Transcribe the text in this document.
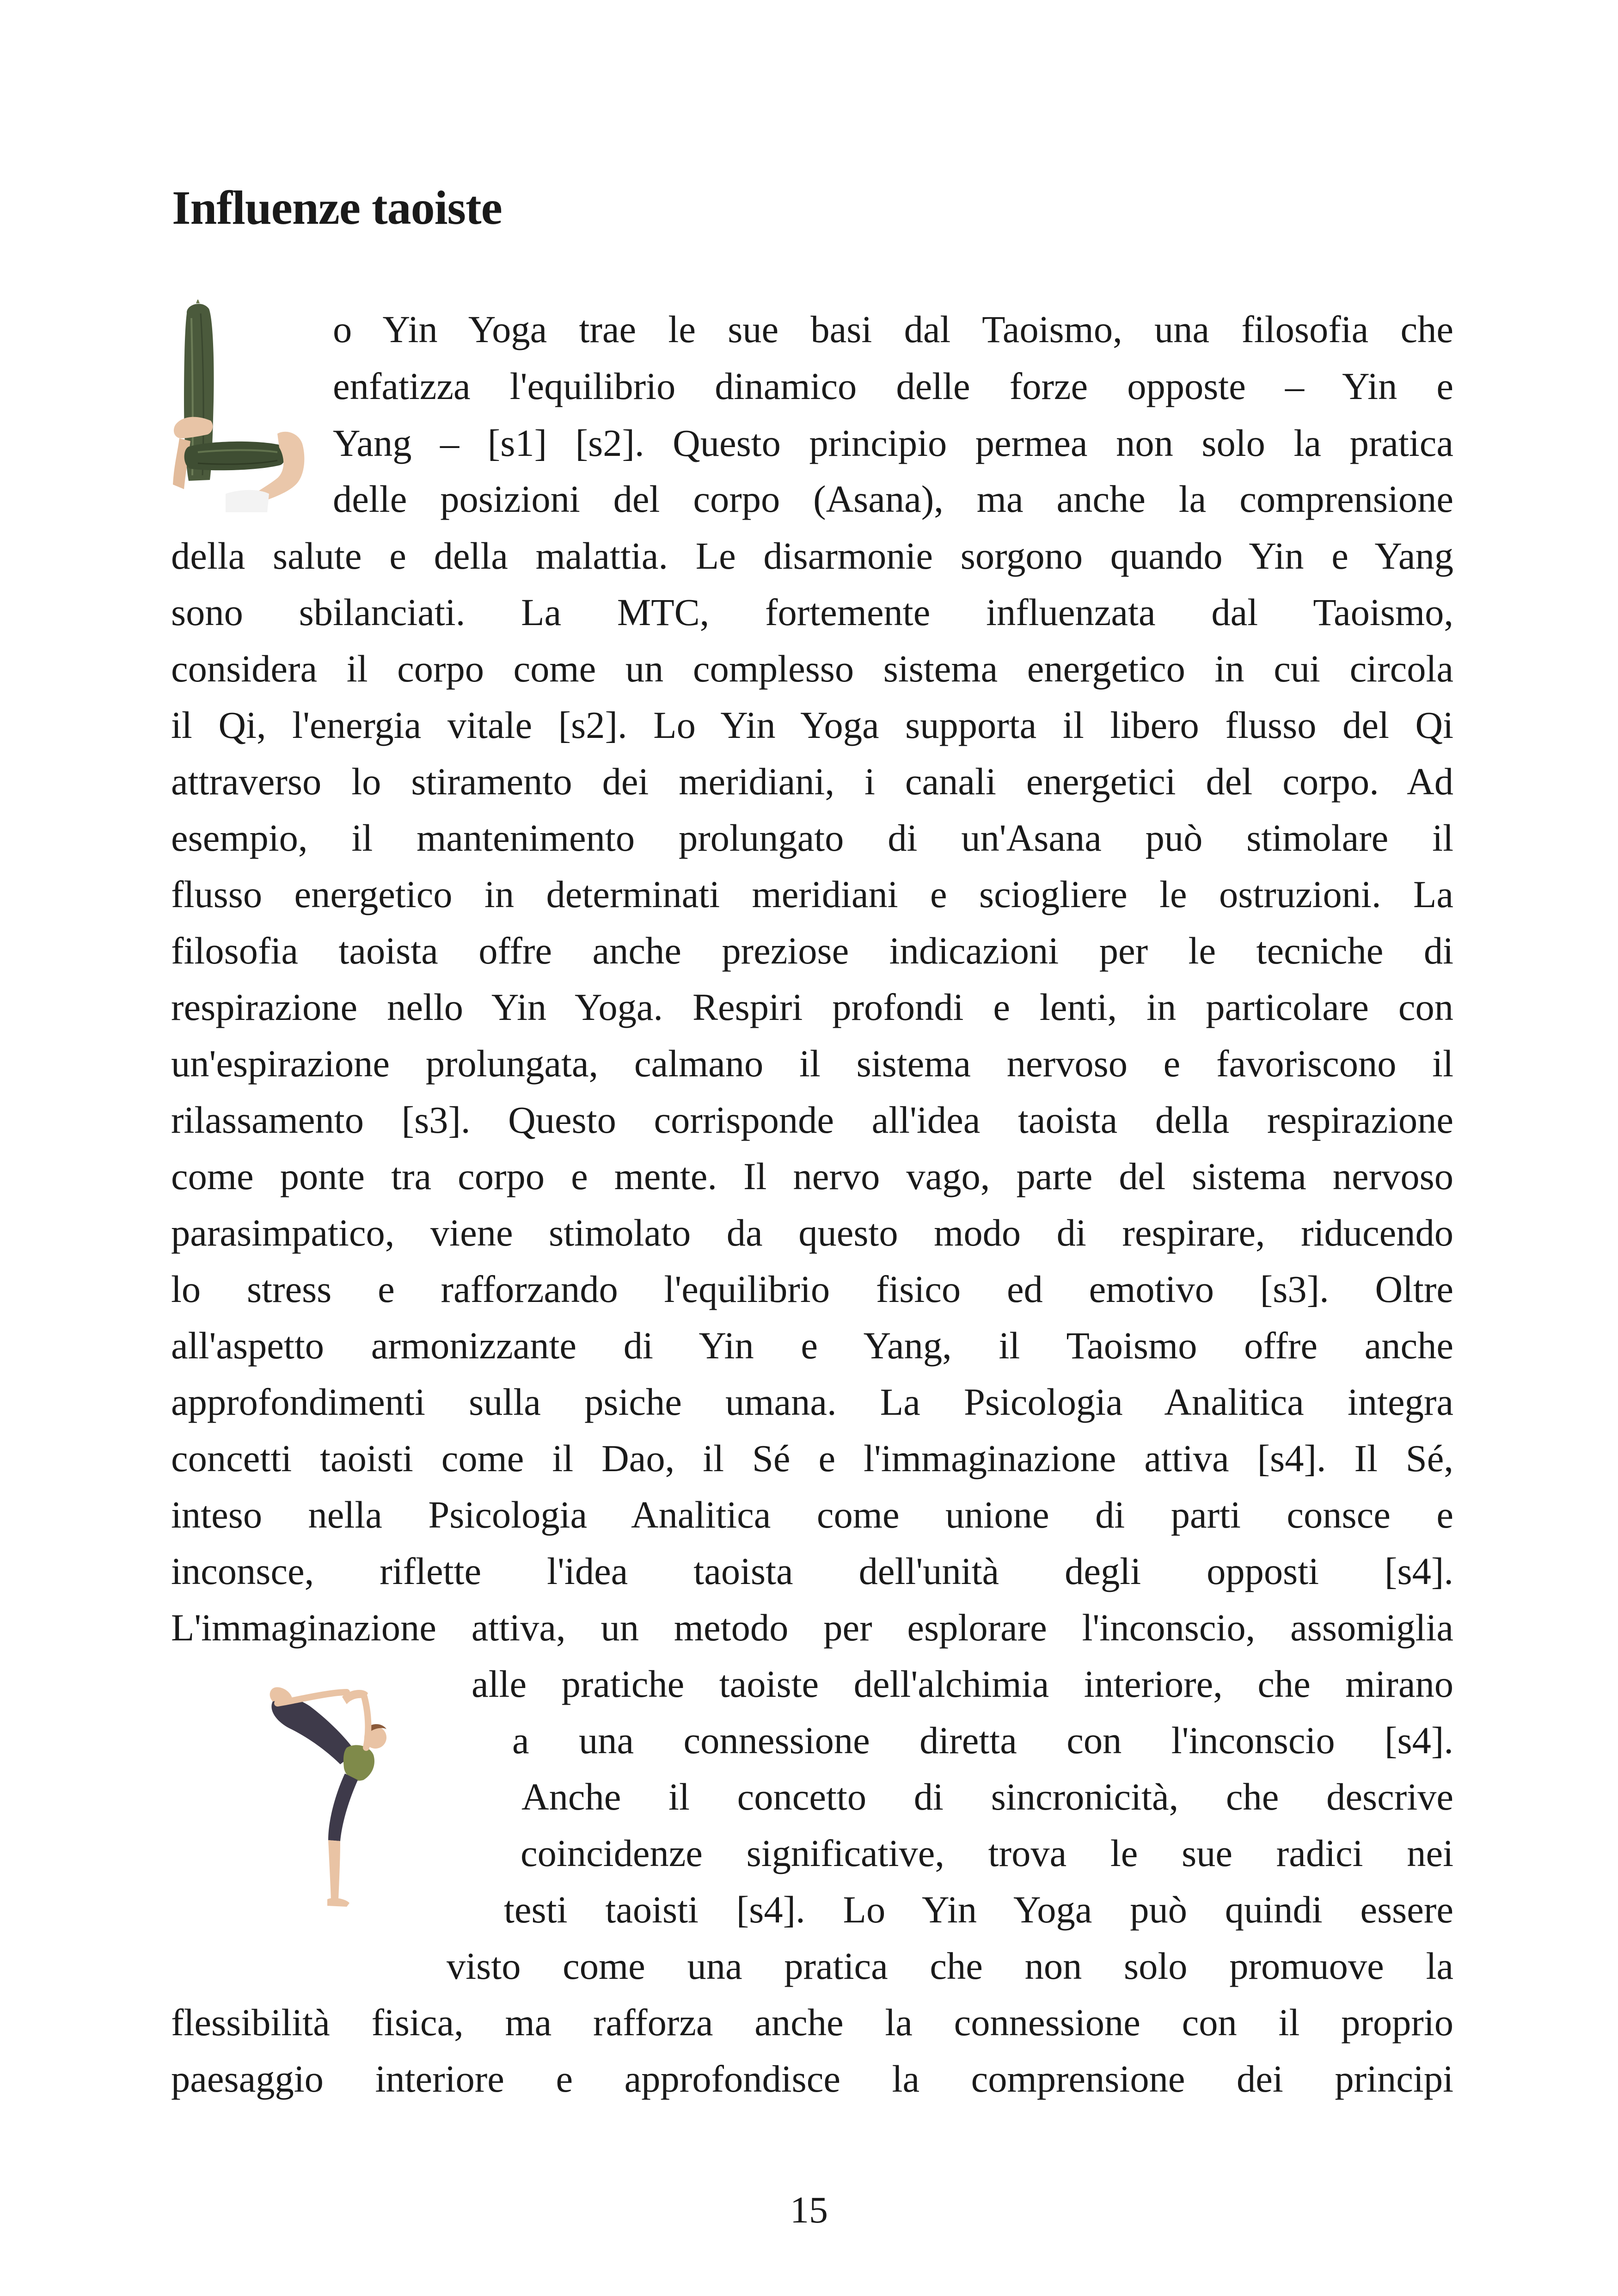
Influenze taoiste
o Yin Yoga trae le sue basi dal Taoismo, una filosofia che
enfatizza l'equilibrio dinamico delle forze opposte – Yin e
Yang – [s1] [s2]. Questo principio permea non solo la pratica
delle posizioni del corpo (Asana), ma anche la comprensione
della salute e della malattia. Le disarmonie sorgono quando Yin e Yang
sono sbilanciati. La MTC, fortemente influenzata dal Taoismo,
considera il corpo come un complesso sistema energetico in cui circola
il Qi, l'energia vitale [s2]. Lo Yin Yoga supporta il libero flusso del Qi
attraverso lo stiramento dei meridiani, i canali energetici del corpo. Ad
esempio, il mantenimento prolungato di un'Asana può stimolare il
flusso energetico in determinati meridiani e sciogliere le ostruzioni. La
filosofia taoista offre anche preziose indicazioni per le tecniche di
respirazione nello Yin Yoga. Respiri profondi e lenti, in particolare con
un'espirazione prolungata, calmano il sistema nervoso e favoriscono il
rilassamento [s3]. Questo corrisponde all'idea taoista della respirazione
come ponte tra corpo e mente. Il nervo vago, parte del sistema nervoso
parasimpatico, viene stimolato da questo modo di respirare, riducendo
lo stress e rafforzando l'equilibrio fisico ed emotivo [s3]. Oltre
all'aspetto armonizzante di Yin e Yang, il Taoismo offre anche
approfondimenti sulla psiche umana. La Psicologia Analitica integra
concetti taoisti come il Dao, il Sé e l'immaginazione attiva [s4]. Il Sé,
inteso nella Psicologia Analitica come unione di parti consce e
inconsce, riflette l'idea taoista dell'unità degli opposti [s4].
L'immaginazione attiva, un metodo per esplorare l'inconscio, assomiglia
alle pratiche taoiste dell'alchimia interiore, che mirano
a una connessione diretta con l'inconscio [s4].
Anche il concetto di sincronicità, che descrive
coincidenze significative, trova le sue radici nei
testi taoisti [s4]. Lo Yin Yoga può quindi essere
visto come una pratica che non solo promuove la
flessibilità fisica, ma rafforza anche la connessione con il proprio
paesaggio interiore e approfondisce la comprensione dei principi
15
